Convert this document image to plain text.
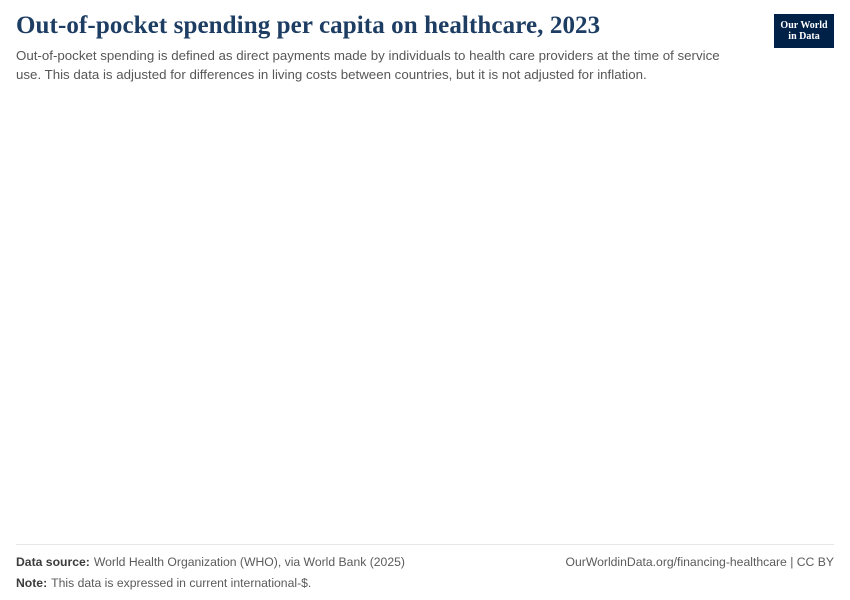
Out-of-pocket spending per capita on healthcare, 2023

Out-of-pocket spending is defined as direct payments made by individuals to health care providers at the time of service use. This data is adjusted for differences in living costs between countries, but it is not adjusted for inflation.

Our World
in Data
Data source: World Health Organization (WHO), via World Bank (2025)	OurWorldinData.org/financing-healthcare | CC BY
Note: This data is expressed in current international-$.
